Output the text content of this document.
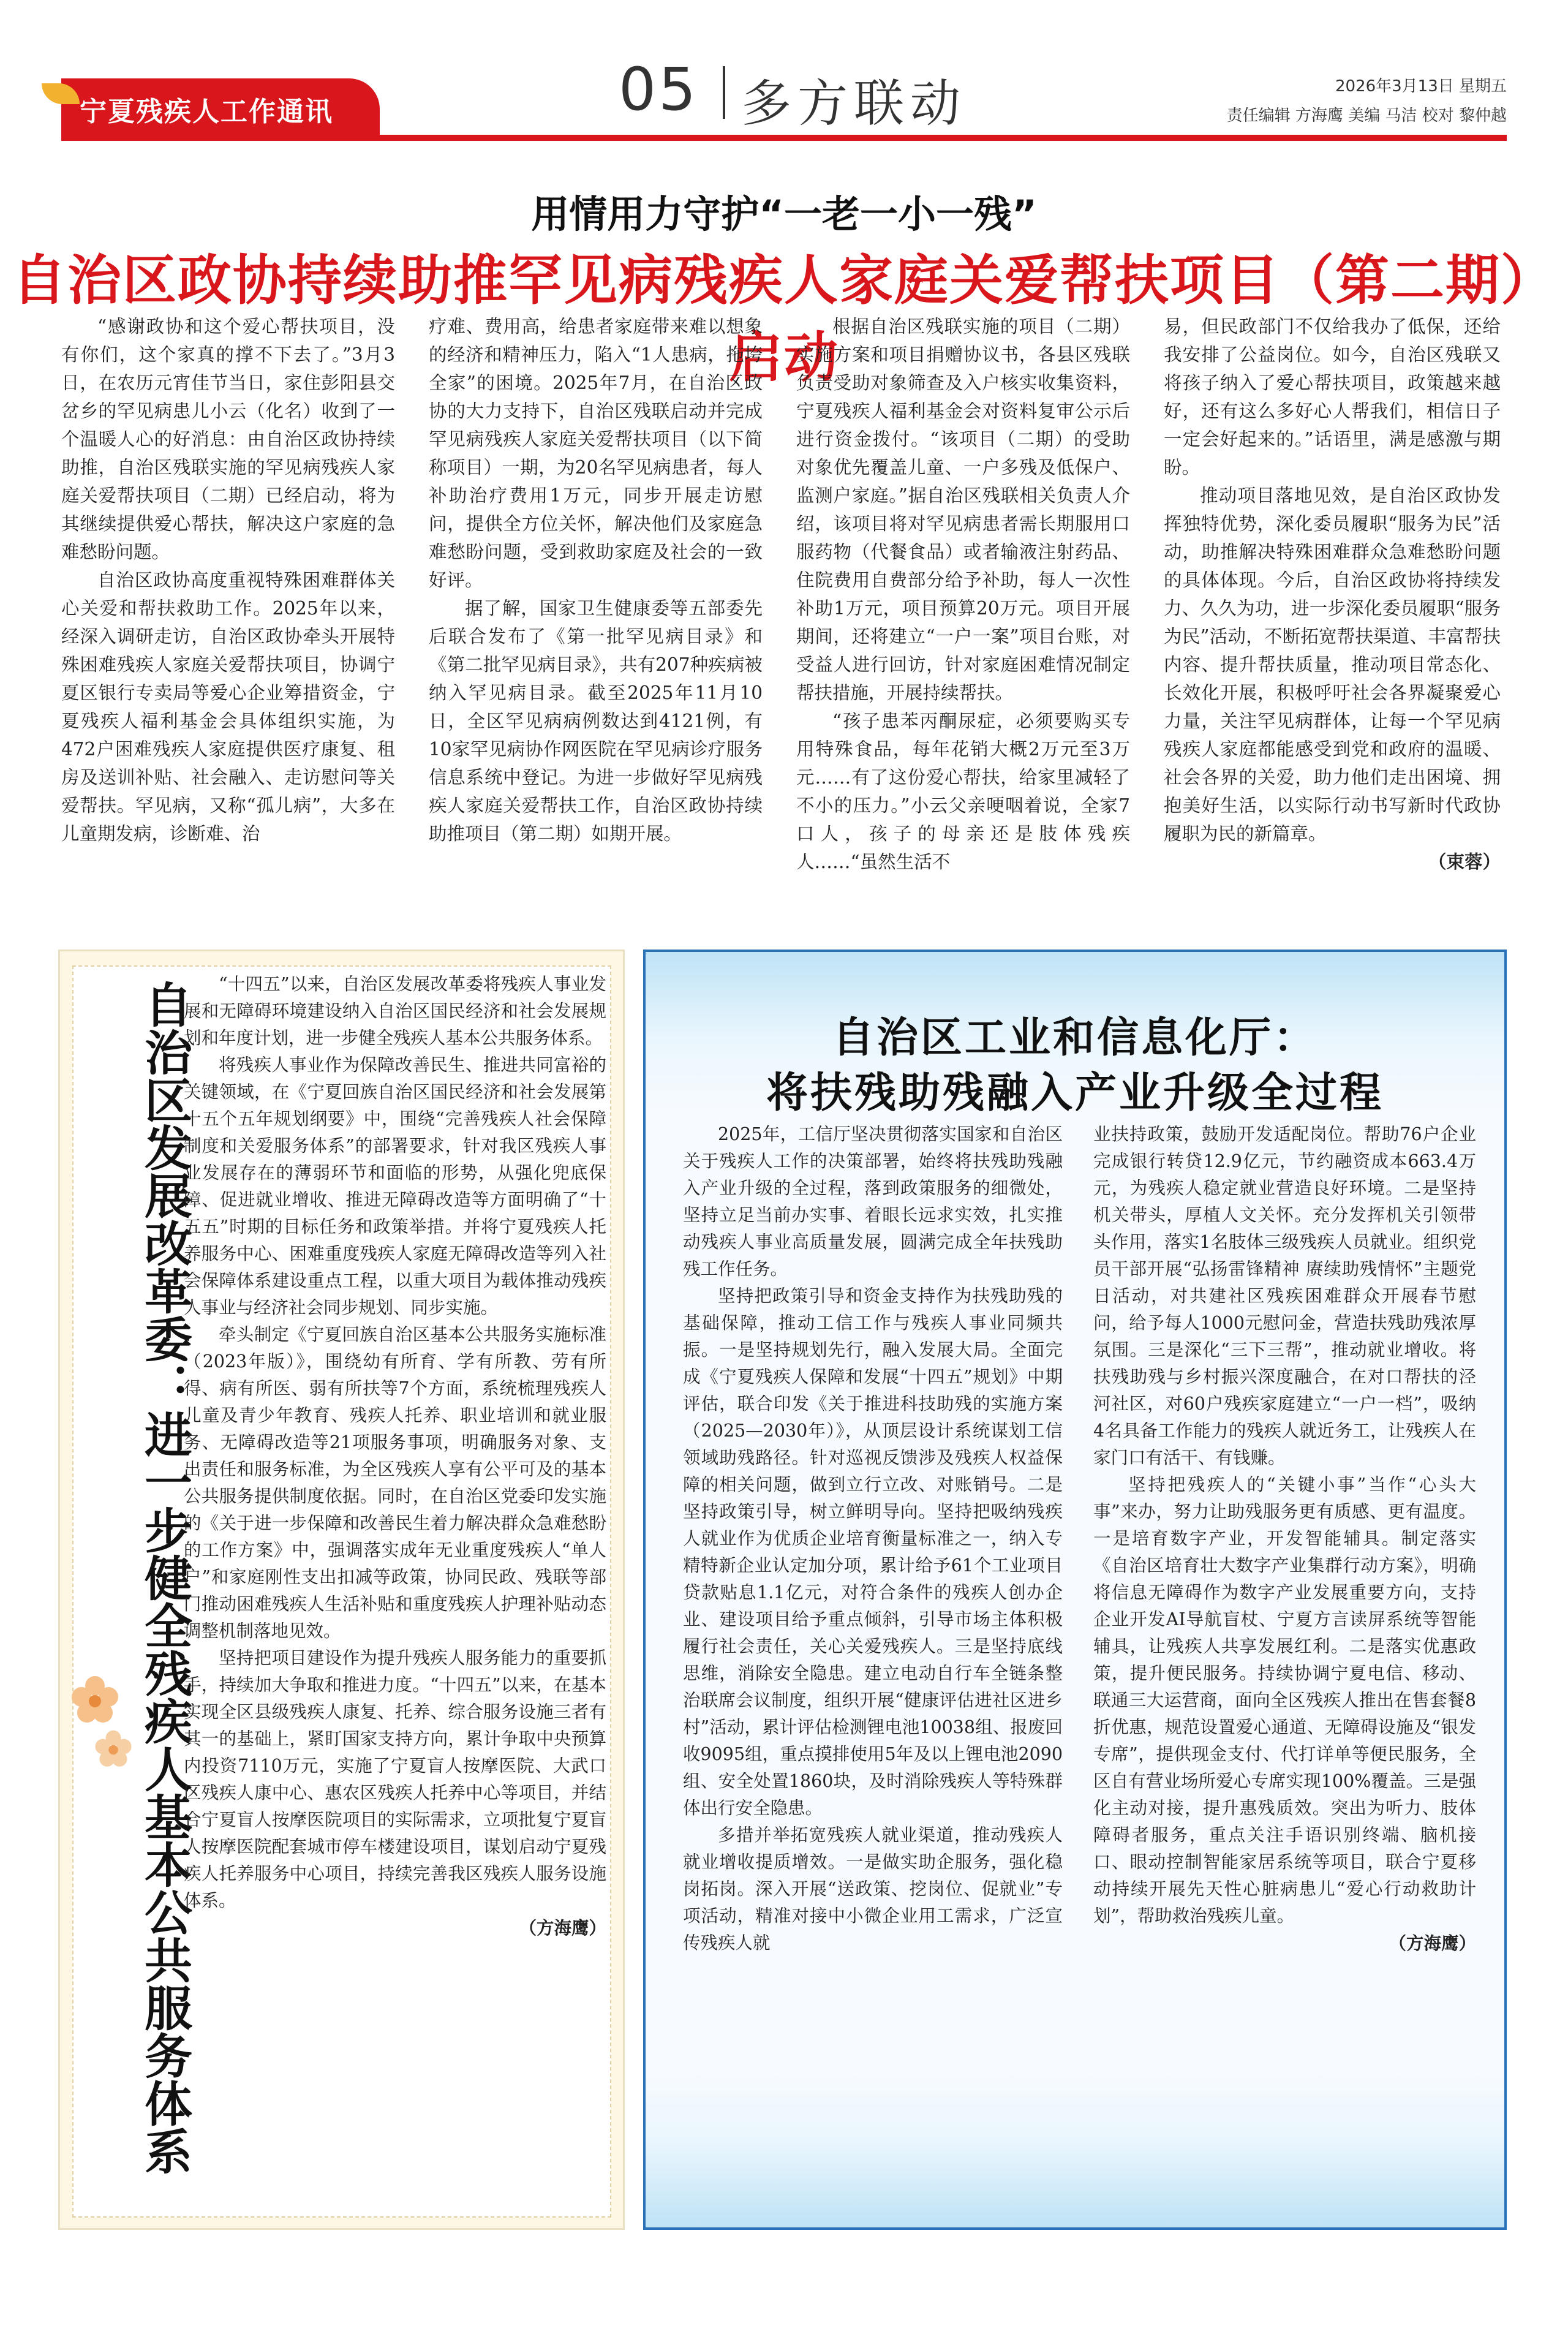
宁夏残疾人工作通讯	05 多方联动	2026年3月13日 星期五
责任编辑 方海鹰 美编 马洁 校对 黎仲越
用情用力守护“一老一小一残”
自治区政协持续助推罕见病残疾人家庭关爱帮扶项目（第二期）启动

“感谢政协和这个爱心帮扶项目，没有你们，这个家真的撑不下去了。”3月3日，在农历元宵佳节当日，家住彭阳县交岔乡的罕见病患儿小云（化名）收到了一个温暖人心的好消息：由自治区政协持续助推，自治区残联实施的罕见病残疾人家庭关爱帮扶项目（二期）已经启动，将为其继续提供爱心帮扶，解决这户家庭的急难愁盼问题。

自治区政协高度重视特殊困难群体关心关爱和帮扶救助工作。2025年以来，经深入调研走访，自治区政协牵头开展特殊困难残疾人家庭关爱帮扶项目，协调宁夏区银行专卖局等爱心企业筹措资金，宁夏残疾人福利基金会具体组织实施，为472户困难残疾人家庭提供医疗康复、租房及送训补贴、社会融入、走访慰问等关爱帮扶。罕见病，又称“孤儿病”，大多在儿童期发病，诊断难、治

疗难、费用高，给患者家庭带来难以想象的经济和精神压力，陷入“1人患病，拖垮全家”的困境。2025年7月，在自治区政协的大力支持下，自治区残联启动并完成罕见病残疾人家庭关爱帮扶项目（以下简称项目）一期，为20名罕见病患者，每人补助治疗费用1万元，同步开展走访慰问，提供全方位关怀，解决他们及家庭急难愁盼问题，受到救助家庭及社会的一致好评。

据了解，国家卫生健康委等五部委先后联合发布了《第一批罕见病目录》和《第二批罕见病目录》，共有207种疾病被纳入罕见病目录。截至2025年11月10日，全区罕见病病例数达到4121例，有10家罕见病协作网医院在罕见病诊疗服务信息系统中登记。为进一步做好罕见病残疾人家庭关爱帮扶工作，自治区政协持续助推项目（第二期）如期开展。

根据自治区残联实施的项目（二期）实施方案和项目捐赠协议书，各县区残联负责受助对象筛查及入户核实收集资料，宁夏残疾人福利基金会对资料复审公示后进行资金拨付。“该项目（二期）的受助对象优先覆盖儿童、一户多残及低保户、监测户家庭。”据自治区残联相关负责人介绍，该项目将对罕见病患者需长期服用口服药物（代餐食品）或者输液注射药品、住院费用自费部分给予补助，每人一次性补助1万元，项目预算20万元。项目开展期间，还将建立“一户一案”项目台账，对受益人进行回访，针对家庭困难情况制定帮扶措施，开展持续帮扶。

“孩子患苯丙酮尿症，必须要购买专用特殊食品，每年花销大概2万元至3万元……有了这份爱心帮扶，给家里减轻了不小的压力。”小云父亲哽咽着说，全家7口人，孩子的母亲还是肢体残疾人……“虽然生活不

易，但民政部门不仅给我办了低保，还给我安排了公益岗位。如今，自治区残联又将孩子纳入了爱心帮扶项目，政策越来越好，还有这么多好心人帮我们，相信日子一定会好起来的。”话语里，满是感激与期盼。

推动项目落地见效，是自治区政协发挥独特优势，深化委员履职“服务为民”活动，助推解决特殊困难群众急难愁盼问题的具体体现。今后，自治区政协将持续发力、久久为功，进一步深化委员履职“服务为民”活动，不断拓宽帮扶渠道、丰富帮扶内容、提升帮扶质量，推动项目常态化、长效化开展，积极呼吁社会各界凝聚爱心力量，关注罕见病群体，让每一个罕见病残疾人家庭都能感受到党和政府的温暖、社会各界的关爱，助力他们走出困境、拥抱美好生活，以实际行动书写新时代政协履职为民的新篇章。

（束蓉）
自治区发展改革委：进一步健全残疾人基本公共服务体系	“十四五”以来，自治区发展改革委将残疾人事业发展和无障碍环境建设纳入自治区国民经济和社会发展规划和年度计划，进一步健全残疾人基本公共服务体系。

将残疾人事业作为保障改善民生、推进共同富裕的关键领域，在《宁夏回族自治区国民经济和社会发展第十五个五年规划纲要》中，围绕“完善残疾人社会保障制度和关爱服务体系”的部署要求，针对我区残疾人事业发展存在的薄弱环节和面临的形势，从强化兜底保障、促进就业增收、推进无障碍改造等方面明确了“十五五”时期的目标任务和政策举措。并将宁夏残疾人托养服务中心、困难重度残疾人家庭无障碍改造等列入社会保障体系建设重点工程，以重大项目为载体推动残疾人事业与经济社会同步规划、同步实施。

牵头制定《宁夏回族自治区基本公共服务实施标准（2023年版）》，围绕幼有所育、学有所教、劳有所得、病有所医、弱有所扶等7个方面，系统梳理残疾人儿童及青少年教育、残疾人托养、职业培训和就业服务、无障碍改造等21项服务事项，明确服务对象、支出责任和服务标准，为全区残疾人享有公平可及的基本公共服务提供制度依据。同时，在自治区党委印发实施的《关于进一步保障和改善民生着力解决群众急难愁盼的工作方案》中，强调落实成年无业重度残疾人“单人户”和家庭刚性支出扣减等政策，协同民政、残联等部门推动困难残疾人生活补贴和重度残疾人护理补贴动态调整机制落地见效。

坚持把项目建设作为提升残疾人服务能力的重要抓手，持续加大争取和推进力度。“十四五”以来，在基本实现全区县级残疾人康复、托养、综合服务设施三者有其一的基础上，紧盯国家支持方向，累计争取中央预算内投资7110万元，实施了宁夏盲人按摩医院、大武口区残疾人康中心、惠农区残疾人托养中心等项目，并结合宁夏盲人按摩医院项目的实际需求，立项批复宁夏盲人按摩医院配套城市停车楼建设项目，谋划启动宁夏残疾人托养服务中心项目，持续完善我区残疾人服务设施体系。

（方海鹰）
自治区工业和信息化厅：
将扶残助残融入产业升级全过程

2025年，工信厅坚决贯彻落实国家和自治区关于残疾人工作的决策部署，始终将扶残助残融入产业升级的全过程，落到政策服务的细微处，坚持立足当前办实事、着眼长远求实效，扎实推动残疾人事业高质量发展，圆满完成全年扶残助残工作任务。

坚持把政策引导和资金支持作为扶残助残的基础保障，推动工信工作与残疾人事业同频共振。一是坚持规划先行，融入发展大局。全面完成《宁夏残疾人保障和发展“十四五”规划》中期评估，联合印发《关于推进科技助残的实施方案（2025—2030年）》，从顶层设计系统谋划工信领域助残路径。针对巡视反馈涉及残疾人权益保障的相关问题，做到立行立改、对账销号。二是坚持政策引导，树立鲜明导向。坚持把吸纳残疾人就业作为优质企业培育衡量标准之一，纳入专精特新企业认定加分项，累计给予61个工业项目贷款贴息1.1亿元，对符合条件的残疾人创办企业、建设项目给予重点倾斜，引导市场主体积极履行社会责任，关心关爱残疾人。三是坚持底线思维，消除安全隐患。建立电动自行车全链条整治联席会议制度，组织开展“健康评估进社区进乡村”活动，累计评估检测锂电池10038组、报废回收9095组，重点摸排使用5年及以上锂电池2090组、安全处置1860块，及时消除残疾人等特殊群体出行安全隐患。

多措并举拓宽残疾人就业渠道，推动残疾人就业增收提质增效。一是做实助企服务，强化稳岗拓岗。深入开展“送政策、挖岗位、促就业”专项活动，精准对接中小微企业用工需求，广泛宣传残疾人就

业扶持政策，鼓励开发适配岗位。帮助76户企业完成银行转贷12.9亿元，节约融资成本663.4万元，为残疾人稳定就业营造良好环境。二是坚持机关带头，厚植人文关怀。充分发挥机关引领带头作用，落实1名肢体三级残疾人员就业。组织党员干部开展“弘扬雷锋精神 赓续助残情怀”主题党日活动，对共建社区残疾困难群众开展春节慰问，给予每人1000元慰问金，营造扶残助残浓厚氛围。三是深化“三下三帮”，推动就业增收。将扶残助残与乡村振兴深度融合，在对口帮扶的泾河社区，对60户残疾家庭建立“一户一档”，吸纳4名具备工作能力的残疾人就近务工，让残疾人在家门口有活干、有钱赚。

坚持把残疾人的“关键小事”当作“心头大事”来办，努力让助残服务更有质感、更有温度。一是培育数字产业，开发智能辅具。制定落实《自治区培育壮大数字产业集群行动方案》，明确将信息无障碍作为数字产业发展重要方向，支持企业开发AI导航盲杖、宁夏方言读屏系统等智能辅具，让残疾人共享发展红利。二是落实优惠政策，提升便民服务。持续协调宁夏电信、移动、联通三大运营商，面向全区残疾人推出在售套餐8折优惠，规范设置爱心通道、无障碍设施及“银发专席”，提供现金支付、代打详单等便民服务，全区自有营业场所爱心专席实现100%覆盖。三是强化主动对接，提升惠残质效。突出为听力、肢体障碍者服务，重点关注手语识别终端、脑机接口、眼动控制智能家居系统等项目，联合宁夏移动持续开展先天性心脏病患儿“爱心行动救助计划”，帮助救治残疾儿童。

（方海鹰）
